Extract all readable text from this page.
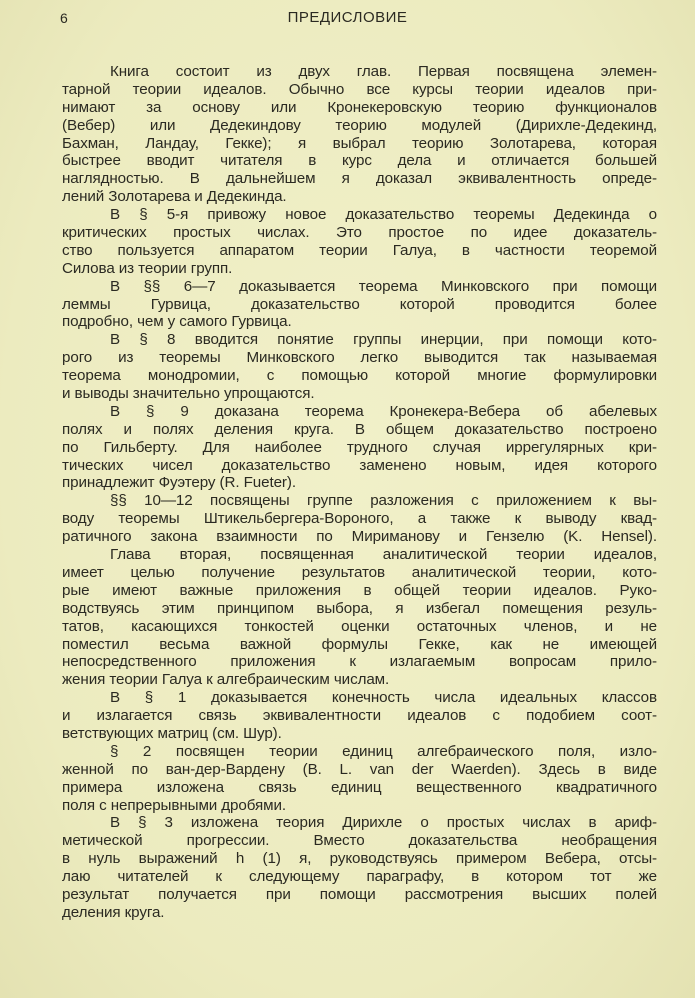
6	ПРЕДИСЛОВИЕ
Книга состоит из двух глав. Первая посвящена элемен-
тарной теории идеалов. Обычно все курсы теории идеалов при-
нимают за основу или Кронекеровскую теорию функционалов
(Вебер) или Дедекиндову теорию модулей (Дирихле-Дедекинд,
Бахман, Ландау, Гекке); я выбрал теорию Золотарева, которая
быстрее вводит читателя в курс дела и отличается большей
наглядностью. В дальнейшем я доказал эквивалентность опреде-
лений Золотарева и Дедекинда.
В § 5-я привожу новое доказательство теоремы Дедекинда о
критических простых числах. Это простое по идее доказатель-
ство пользуется аппаратом теории Галуа, в частности теоремой
Силова из теории групп.
В §§ 6—7 доказывается теорема Минковского при помощи
леммы Гурвица, доказательство которой проводится более
подробно, чем у самого Гурвица.
В § 8 вводится понятие группы инерции, при помощи кото-
рого из теоремы Минковского легко выводится так называемая
теорема монодромии, с помощью которой многие формулировки
и выводы значительно упрощаются.
В § 9 доказана теорема Кронекера-Вебера об абелевых
полях и полях деления круга. В общем доказательство построено
по Гильберту. Для наиболее трудного случая иррегулярных кри-
тических чисел доказательство заменено новым, идея которого
принадлежит Фуэтеру (R. Fueter).
§§ 10—12 посвящены группе разложения с приложением к вы-
воду теоремы Штикельбергера-Вороного, а также к выводу квад-
ратичного закона взаимности по Мириманову и Гензелю (K. Hensel).
Глава вторая, посвященная аналитической теории идеалов,
имеет целью получение результатов аналитической теории, кото-
рые имеют важные приложения в общей теории идеалов. Руко-
водствуясь этим принципом выбора, я избегал помещения резуль-
татов, касающихся тонкостей оценки остаточных членов, и не
поместил весьма важной формулы Гекке, как не имеющей
непосредственного приложения к излагаемым вопросам прило-
жения теории Галуа к алгебраическим числам.
В § 1 доказывается конечность числа идеальных классов
и излагается связь эквивалентности идеалов с подобием соот-
ветствующих матриц (см. Шур).
§ 2 посвящен теории единиц алгебраического поля, изло-
женной по ван-дер-Вардену (B. L. van der Waerden). Здесь в виде
примера изложена связь единиц вещественного квадратичного
поля с непрерывными дробями.
В § 3 изложена теория Дирихле о простых числах в ариф-
метической прогрессии. Вместо доказательства необращения
в нуль выражений h (1) я, руководствуясь примером Вебера, отсы-
лаю читателей к следующему параграфу, в котором тот же
результат получается при помощи рассмотрения высших полей
деления круга.
